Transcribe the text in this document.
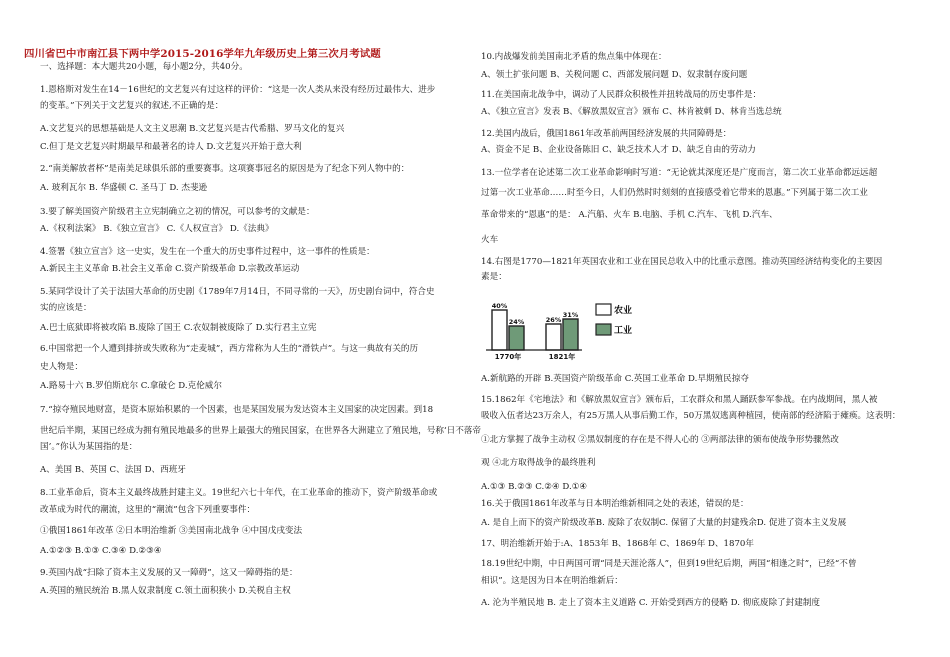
四川省巴中市南江县下两中学2015-2016学年九年级历史上第三次月考试题
一、选择题：本大题共20小题，每小题2分，共40分。
1.恩格斯对发生在14－16世纪的文艺复兴有过这样的评价：“这是一次人类从来没有经历过最伟大、进步
的变革。”下列关于文艺复兴的叙述,不正确的是：
A.文艺复兴的思想基础是人文主义思潮 B.文艺复兴是古代希腊、罗马文化的复兴
C.但丁是文艺复兴时期最早和最著名的诗人 D.文艺复兴开始于意大利
2.“南美解放者杯”是南美足球俱乐部的重要赛事。这项赛事冠名的原因是为了纪念下列人物中的：
A. 玻利瓦尔 B. 华盛顿 C. 圣马丁 D. 杰斐逊
3.要了解美国资产阶级君主立宪制确立之初的情况，可以参考的文献是：
A.《权利法案》 B.《独立宣言》 C.《人权宣言》 D.《法典》
4.签署《独立宣言》这一史实，发生在一个重大的历史事件过程中，这一事件的性质是：
A.新民主主义革命 B.社会主义革命 C.资产阶级革命 D.宗教改革运动
5.某同学设计了关于法国大革命的历史剧《1789年7月14日，不同寻常的一天》，历史剧台词中，符合史
实的应该是：
A.巴士底狱即将被攻陷 B.废除了国王 C.农奴制被废除了 D.实行君主立宪
6.中国常把一个人遭到排挤或失败称为“走麦城”，西方常称为人生的“滑铁卢”。与这一典故有关的历
史人物是：
A.路易十六 B.罗伯斯庇尔 C.拿破仑 D.克伦威尔
7.“掠夺殖民地财富，是资本原始积累的一个因素，也是某国发展为发达资本主义国家的决定因素。到18
世纪后半期，某国已经成为拥有殖民地最多的世界上最强大的殖民国家，在世界各大洲建立了殖民地，号称‘日不落帝
国’。”你认为某国指的是：
A、美国 B、英国 C、法国 D、西班牙
8.工业革命后，资本主义最终战胜封建主义。19世纪六七十年代，在工业革命的推动下，资产阶级革命或
改革成为时代的潮流，这里的“潮流”包含下列重要事件：
①俄国1861年改革 ②日本明治维新 ③美国南北战争 ④中国戊戌变法
A.①②③ B.①③ C.③④ D.②③④
9.英国内战“扫除了资本主义发展的又一障碍”，这又一障碍指的是：
A.英国的殖民统治 B.黑人奴隶制度 C.领土面积狭小 D.关税自主权
10.内战爆发前美国南北矛盾的焦点集中体现在：
A、领土扩张问题 B、关税问题 C、西部发展问题 D、奴隶制存废问题
11.在美国南北战争中，调动了人民群众积极性并扭转战局的历史事件是：
A、《独立宣言》发表 B、《解放黑奴宣言》颁布 C、林肯被刺 D、林肯当选总统
12.美国内战后，俄国1861年改革前两国经济发展的共同障碍是：
A、资金不足 B、企业设备陈旧 C、缺乏技术人才 D、缺乏自由的劳动力
13.一位学者在论述第二次工业革命影响时写道：“无论就其深度还是广度而言，第二次工业革命都远远超
过第一次工业革命……时至今日，人们仍然时时刻刻的直接感受着它带来的恩惠。”下列属于第二次工业
革命带来的“恩惠”的是： A.汽船、火车 B.电脑、手机 C.汽车、飞机 D.汽车、
火车
14.右图是1770—1821年英国农业和工业在国民总收入中的比重示意图。推动英国经济结构变化的主要因
素是：
A.新航路的开辟 B.英国资产阶级革命 C.英国工业革命 D.早期殖民掠夺
15.1862年《宅地法》和《解放黑奴宣言》颁布后，工农群众和黑人踊跃参军参战。在内战期间，黑人被
吸收入伍者达23万余人，有25万黑人从事后勤工作，50万黑奴逃离种植园，使南部的经济陷于瘫痪。这表明：
①北方掌握了战争主动权 ②黑奴制度的存在是不得人心的 ③两部法律的颁布使战争形势骤然改
观 ④北方取得战争的最终胜利
A.①③ B.②③ C.②④ D.①④
16.关于俄国1861年改革与日本明治维新相同之处的表述，错误的是：
A. 是自上而下的资产阶级改革B. 废除了农奴制C. 保留了大量的封建残余D. 促进了资本主义发展
17、明治维新开始于:A、1853年 B、1868年 C、1869年 D、1870年
18.19世纪中期，中日两国可谓“同是天涯沦落人”，但到19世纪后期，两国“相逢之时”，已经“不曾
相识”。这是因为日本在明治维新后：
A. 沦为半殖民地 B. 走上了资本主义道路 C. 开始受到西方的侵略 D. 彻底废除了封建制度
40%
24%
1770年
26%
31%
1821年
农业
工业
